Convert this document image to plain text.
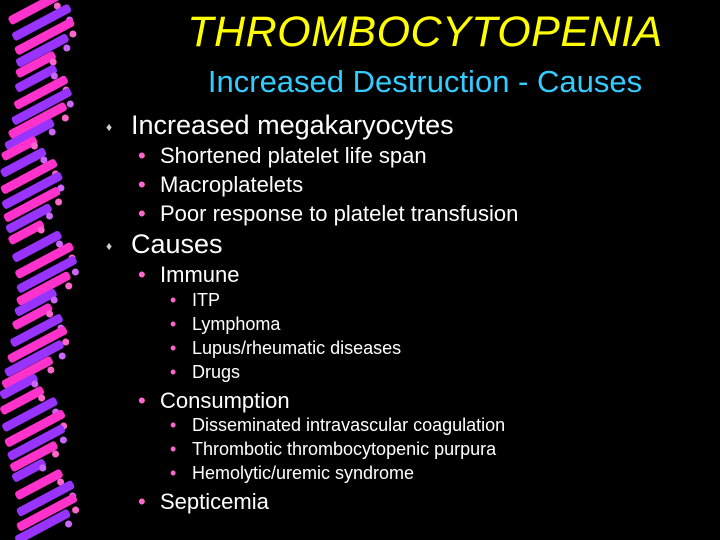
THROMBOCYTOPENIA
Increased Destruction - Causes
♦ Increased megakaryocytes
• Shortened platelet life span
• Macroplatelets
• Poor response to platelet transfusion
♦ Causes
• Immune
• ITP
• Lymphoma
• Lupus/rheumatic diseases
• Drugs
• Consumption
• Disseminated intravascular coagulation
• Thrombotic thrombocytopenic purpura
• Hemolytic/uremic syndrome
• Septicemia
